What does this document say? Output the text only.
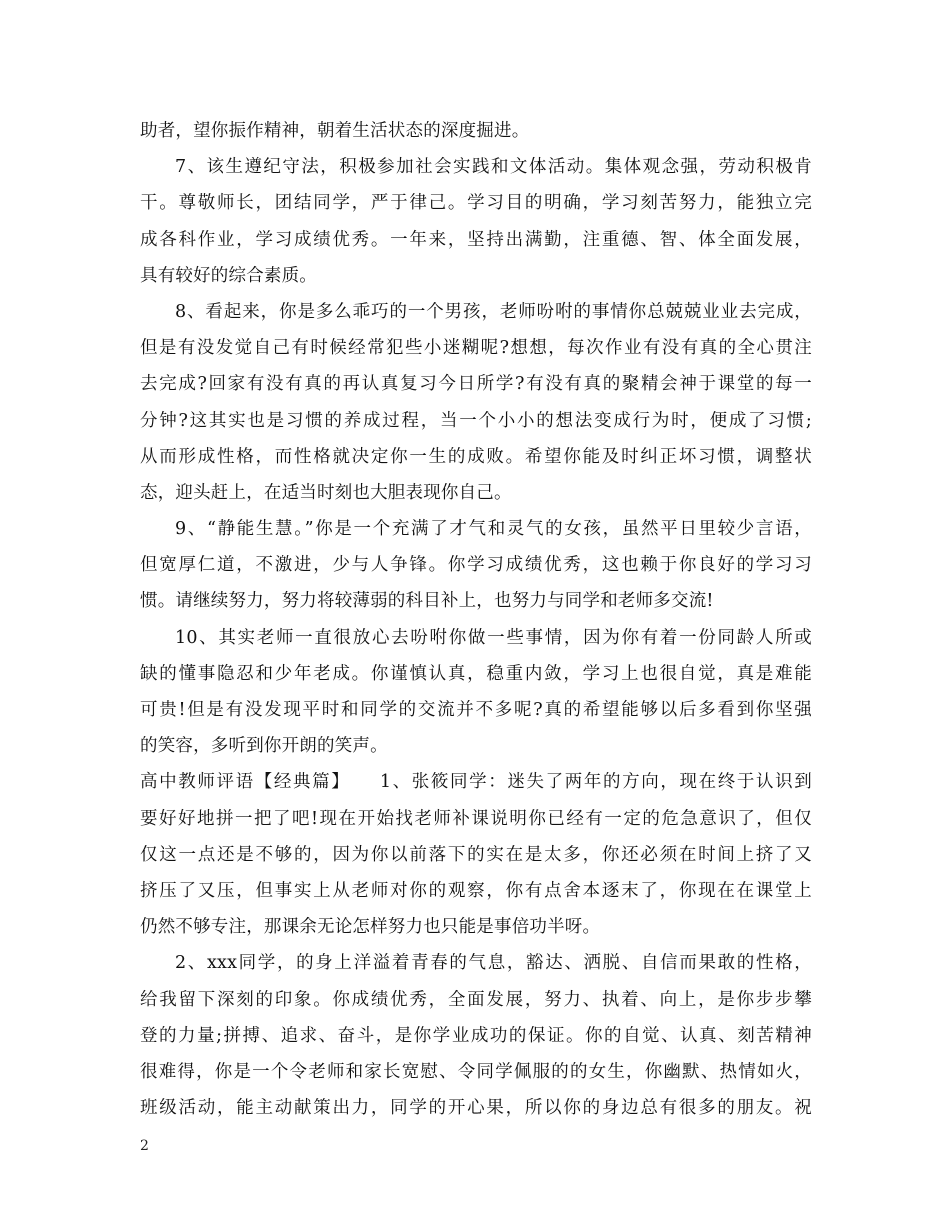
助者，望你振作精神，朝着生活状态的深度掘进。
7、该生遵纪守法，积极参加社会实践和文体活动。集体观念强，劳动积极肯
干。尊敬师长，团结同学，严于律己。学习目的明确，学习刻苦努力，能独立完
成各科作业，学习成绩优秀。一年来，坚持出满勤，注重德、智、体全面发展，
具有较好的综合素质。
8、看起来，你是多么乖巧的一个男孩，老师吩咐的事情你总兢兢业业去完成，
但是有没发觉自己有时候经常犯些小迷糊呢?想想，每次作业有没有真的全心贯注
去完成?回家有没有真的再认真复习今日所学?有没有真的聚精会神于课堂的每一
分钟?这其实也是习惯的养成过程，当一个小小的想法变成行为时，便成了习惯;
从而形成性格，而性格就决定你一生的成败。希望你能及时纠正坏习惯，调整状
态，迎头赶上，在适当时刻也大胆表现你自己。
9、“静能生慧。”你是一个充满了才气和灵气的女孩，虽然平日里较少言语，
但宽厚仁道，不激进，少与人争锋。你学习成绩优秀，这也赖于你良好的学习习
惯。请继续努力，努力将较薄弱的科目补上，也努力与同学和老师多交流!
10、其实老师一直很放心去吩咐你做一些事情，因为你有着一份同龄人所或
缺的懂事隐忍和少年老成。你谨慎认真，稳重内敛，学习上也很自觉，真是难能
可贵!但是有没发现平时和同学的交流并不多呢?真的希望能够以后多看到你坚强
的笑容，多听到你开朗的笑声。
高中教师评语【经典篇】　　1、张筱同学：迷失了两年的方向，现在终于认识到
要好好地拼一把了吧!现在开始找老师补课说明你已经有一定的危急意识了，但仅
仅这一点还是不够的，因为你以前落下的实在是太多，你还必须在时间上挤了又
挤压了又压，但事实上从老师对你的观察，你有点舍本逐末了，你现在在课堂上
仍然不够专注，那课余无论怎样努力也只能是事倍功半呀。
2、xxx同学，的身上洋溢着青春的气息，豁达、洒脱、自信而果敢的性格，
给我留下深刻的印象。你成绩优秀，全面发展，努力、执着、向上，是你步步攀
登的力量;拼搏、追求、奋斗，是你学业成功的保证。你的自觉、认真、刻苦精神
很难得，你是一个令老师和家长宽慰、令同学佩服的的女生，你幽默、热情如火，
班级活动，能主动献策出力，同学的开心果，所以你的身边总有很多的朋友。祝
2
